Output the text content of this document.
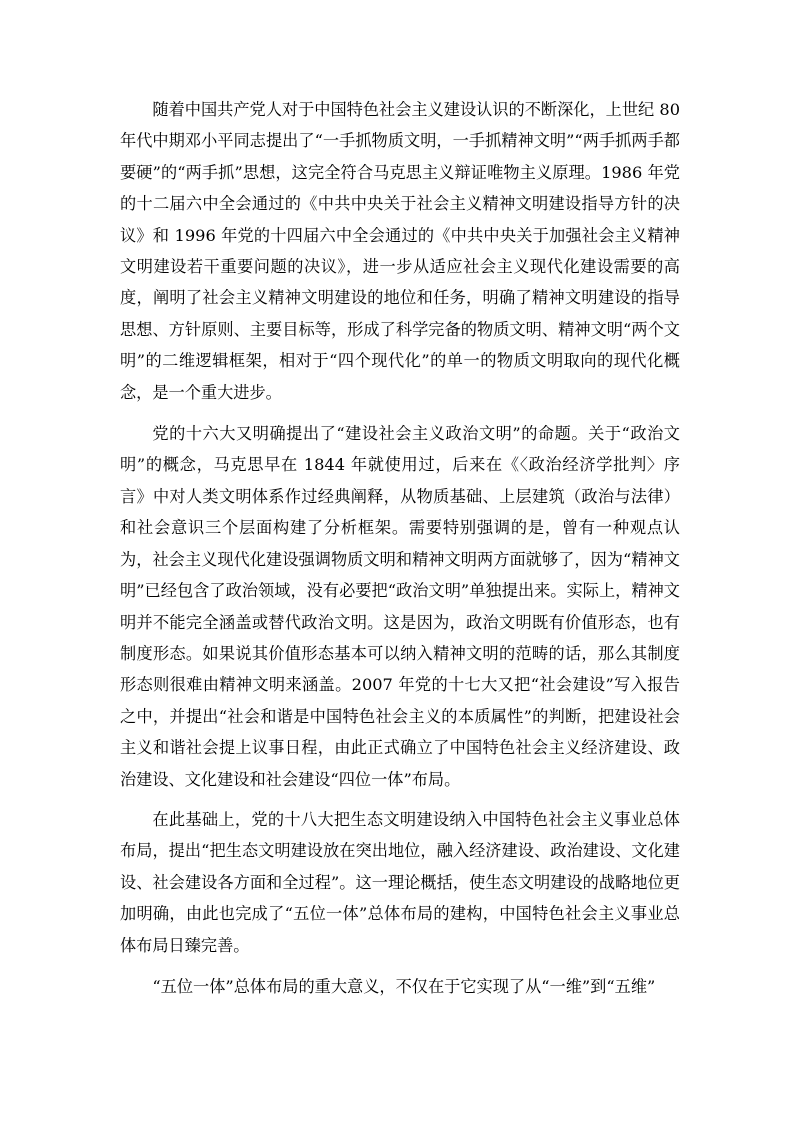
随着中国共产党人对于中国特色社会主义建设认识的不断深化，上世纪 80 年代中期邓小平同志提出了“一手抓物质文明，一手抓精神文明”“两手抓两手都要硬”的“两手抓”思想，这完全符合马克思主义辩证唯物主义原理。1986 年党的十二届六中全会通过的《中共中央关于社会主义精神文明建设指导方针的决议》和 1996 年党的十四届六中全会通过的《中共中央关于加强社会主义精神文明建设若干重要问题的决议》，进一步从适应社会主义现代化建设需要的高度，阐明了社会主义精神文明建设的地位和任务，明确了精神文明建设的指导思想、方针原则、主要目标等，形成了科学完备的物质文明、精神文明“两个文明”的二维逻辑框架，相对于“四个现代化”的单一的物质文明取向的现代化概念，是一个重大进步。

党的十六大又明确提出了“建设社会主义政治文明”的命题。关于“政治文明”的概念，马克思早在 1844 年就使用过，后来在《〈政治经济学批判〉序言》中对人类文明体系作过经典阐释，从物质基础、上层建筑（政治与法律）和社会意识三个层面构建了分析框架。需要特别强调的是，曾有一种观点认为，社会主义现代化建设强调物质文明和精神文明两方面就够了，因为“精神文明”已经包含了政治领域，没有必要把“政治文明”单独提出来。实际上，精神文明并不能完全涵盖或替代政治文明。这是因为，政治文明既有价值形态，也有制度形态。如果说其价值形态基本可以纳入精神文明的范畴的话，那么其制度形态则很难由精神文明来涵盖。2007 年党的十七大又把“社会建设”写入报告之中，并提出“社会和谐是中国特色社会主义的本质属性”的判断，把建设社会主义和谐社会提上议事日程，由此正式确立了中国特色社会主义经济建设、政治建设、文化建设和社会建设“四位一体”布局。

在此基础上，党的十八大把生态文明建设纳入中国特色社会主义事业总体布局，提出“把生态文明建设放在突出地位，融入经济建设、政治建设、文化建设、社会建设各方面和全过程”。这一理论概括，使生态文明建设的战略地位更加明确，由此也完成了“五位一体”总体布局的建构，中国特色社会主义事业总体布局日臻完善。

“五位一体”总体布局的重大意义，不仅在于它实现了从“一维”到“五维”
